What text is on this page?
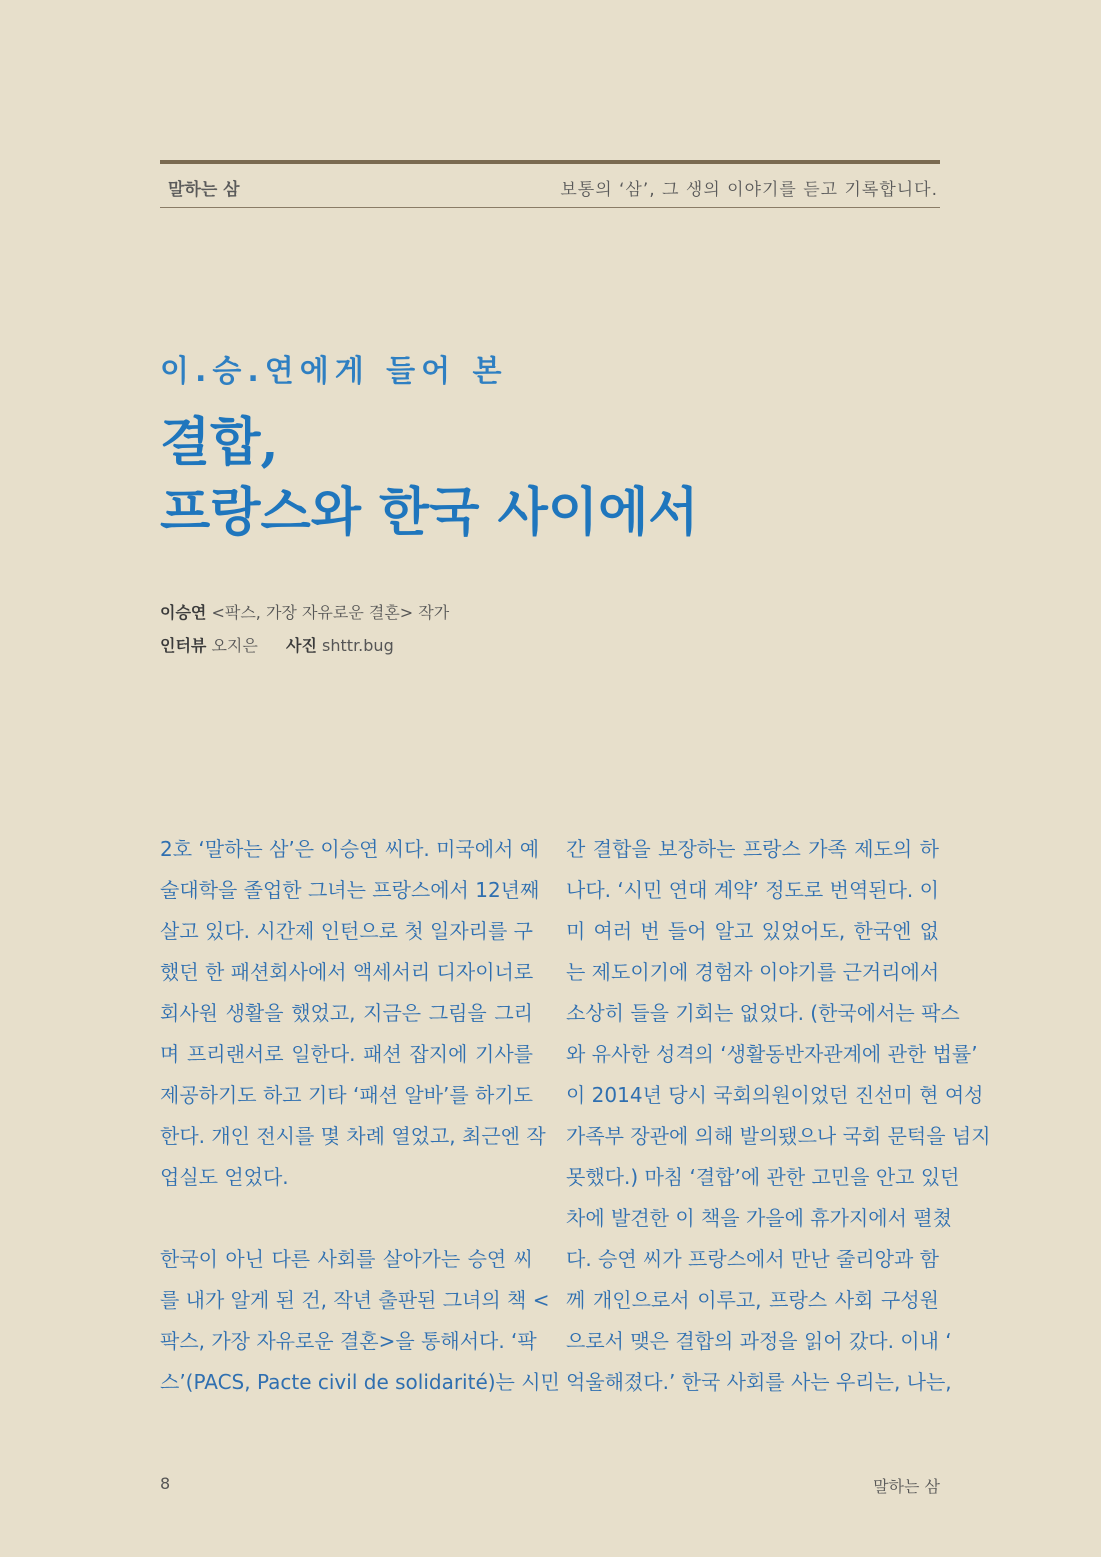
말하는 삼	보통의 ‘삼’, 그 생의 이야기를 듣고 기록합니다.
이.승.연에게 들어 본
결합,
프랑스와 한국 사이에서
이승연 <팍스, 가장 자유로운 결혼> 작가
인터뷰 오지은 사진 shttr.bug
2호 ‘말하는 삼’은 이승연 씨다. 미국에서 예
술대학을 졸업한 그녀는 프랑스에서 12년째
살고 있다. 시간제 인턴으로 첫 일자리를 구
했던 한 패션회사에서 액세서리 디자이너로
회사원 생활을 했었고, 지금은 그림을 그리
며 프리랜서로 일한다. 패션 잡지에 기사를
제공하기도 하고 기타 ‘패션 알바’를 하기도
한다. 개인 전시를 몇 차례 열었고, 최근엔 작
업실도 얻었다.
한국이 아닌 다른 사회를 살아가는 승연 씨
를 내가 알게 된 건, 작년 출판된 그녀의 책 <
팍스, 가장 자유로운 결혼>을 통해서다. ‘팍
스’(PACS, Pacte civil de solidarité)는 시민
간 결합을 보장하는 프랑스 가족 제도의 하
나다. ‘시민 연대 계약’ 정도로 번역된다. 이
미 여러 번 들어 알고 있었어도, 한국엔 없
는 제도이기에 경험자 이야기를 근거리에서
소상히 들을 기회는 없었다. (한국에서는 팍스
와 유사한 성격의 ‘생활동반자관계에 관한 법률’
이 2014년 당시 국회의원이었던 진선미 현 여성
가족부 장관에 의해 발의됐으나 국회 문턱을 넘지
못했다.) 마침 ‘결합’에 관한 고민을 안고 있던
차에 발견한 이 책을 가을에 휴가지에서 펼쳤
다. 승연 씨가 프랑스에서 만난 줄리앙과 함
께 개인으로서 이루고, 프랑스 사회 구성원
으로서 맺은 결합의 과정을 읽어 갔다. 이내 ‘
억울해졌다.’ 한국 사회를 사는 우리는, 나는,
8	말하는 삼
